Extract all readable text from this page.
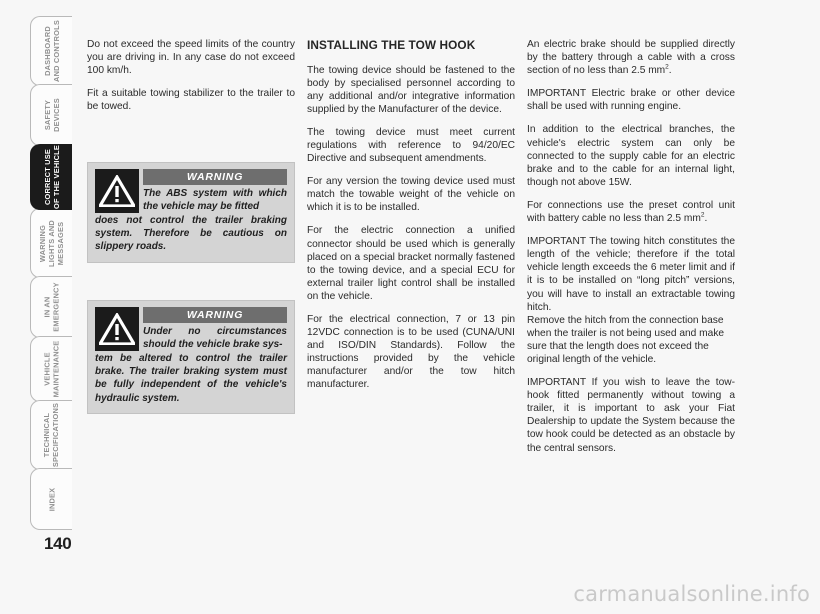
DASHBOARD
AND CONTROLS
SAFETY
DEVICES
CORRECT USE
OF THE VEHICLE
WARNING
LIGHTS AND
MESSAGES
IN AN
EMERGENCY
VEHICLE
MAINTENANCE
TECHNICAL
SPECIFICATIONS
INDEX
140

Do not exceed the speed limits of the country you are driving in. In any case do not exceed 100 km/h.

Fit a suitable towing stabilizer to the trailer to be towed.

WARNING
The ABS system with which the vehicle may be fitted
does not control the trailer braking system. Therefore be cautious on slippery roads.
WARNING
Under no circumstances should the vehicle brake sys-
tem be altered to control the trailer brake. The trailer braking system must be fully independent of the vehicle's hydraulic system.
INSTALLING THE TOW HOOK

The towing device should be fastened to the body by specialised personnel according to any additional and/or integrative information supplied by the Manufacturer of the device.

The towing device must meet current regulations with reference to 94/20/EC Directive and subsequent amendments.

For any version the towing device used must match the towable weight of the vehicle on which it is to be installed.

For the electric connection a unified connector should be used which is generally placed on a special bracket normally fastened to the towing device, and a special ECU for external trailer light control shall be installed on the vehicle.

For the electrical connection, 7 or 13 pin 12VDC connection is to be used (CUNA/UNI and ISO/DIN Standards). Follow the instructions provided by the vehicle manufacturer and/or the tow hitch manufacturer.

An electric brake should be supplied directly by the battery through a cable with a cross section of no less than 2.5 $mm^2$.

IMPORTANT Electric brake or other device shall be used with running engine.

In addition to the electrical branches, the vehicle's electric system can only be connected to the supply cable for an electric brake and to the cable for an internal light, though not above 15W.

For connections use the preset control unit with battery cable no less than 2.5 $mm^2$.

IMPORTANT The towing hitch constitutes the length of the vehicle; therefore if the total vehicle length exceeds the 6 meter limit and if it is to be installed on “long pitch” versions, you will have to install an extractable towing hitch.

Remove the hitch from the connection base when the trailer is not being used and make sure that the length does not exceed the original length of the vehicle.

IMPORTANT If you wish to leave the tow-hook fitted permanently without towing a trailer, it is important to ask your Fiat Dealership to update the System because the tow hook could be detected as an obstacle by the central sensors.

carmanualsonline.info
